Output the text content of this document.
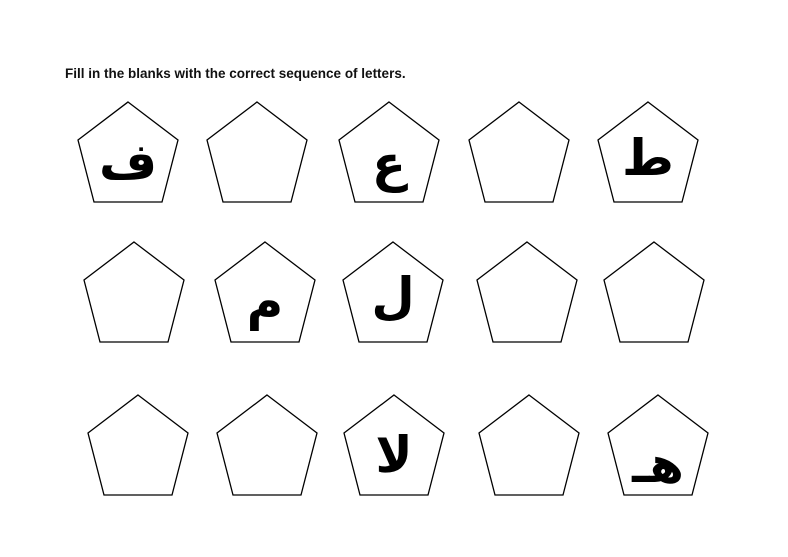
Fill in the blanks with the correct sequence of letters.
ف	ع	ط
م	ل
لا	هـ
